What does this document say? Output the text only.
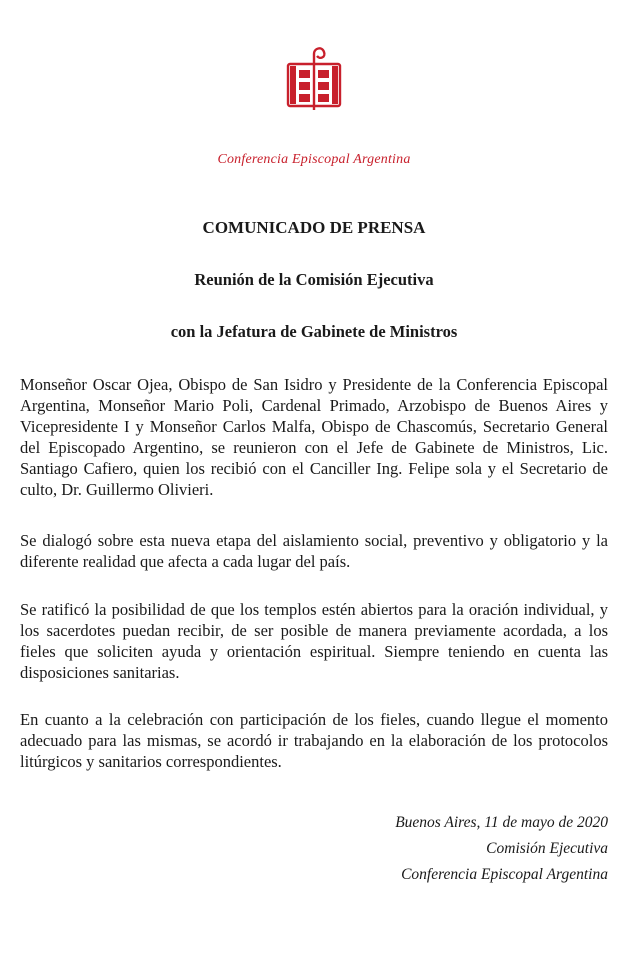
Conferencia Episcopal Argentina
COMUNICADO DE PRENSA
Reunión de la Comisión Ejecutiva
con la Jefatura de Gabinete de Ministros
Monseñor Oscar Ojea, Obispo de San Isidro y Presidente de la Conferencia Episcopal Argentina, Monseñor Mario Poli, Cardenal Primado, Arzobispo de Buenos Aires y Vicepresidente I y Monseñor Carlos Malfa, Obispo de Chascomús, Secretario General del Episcopado Argentino, se reunieron con el Jefe de Gabinete de Ministros, Lic. Santiago Cafiero, quien los recibió con el Canciller Ing. Felipe sola y el Secretario de culto, Dr. Guillermo Olivieri.
Se dialogó sobre esta nueva etapa del aislamiento social, preventivo y obligatorio y la diferente realidad que afecta a cada lugar del país.
Se ratificó la posibilidad de que los templos estén abiertos para la oración individual, y los sacerdotes puedan recibir, de ser posible de manera previamente acordada, a los fieles que soliciten ayuda y orientación espiritual. Siempre teniendo en cuenta las disposiciones sanitarias.
En cuanto a la celebración con participación de los fieles, cuando llegue el momento adecuado para las mismas, se acordó ir trabajando en la elaboración de los protocolos litúrgicos y sanitarios correspondientes.
Buenos Aires, 11 de mayo de 2020
Comisión Ejecutiva
Conferencia Episcopal Argentina
